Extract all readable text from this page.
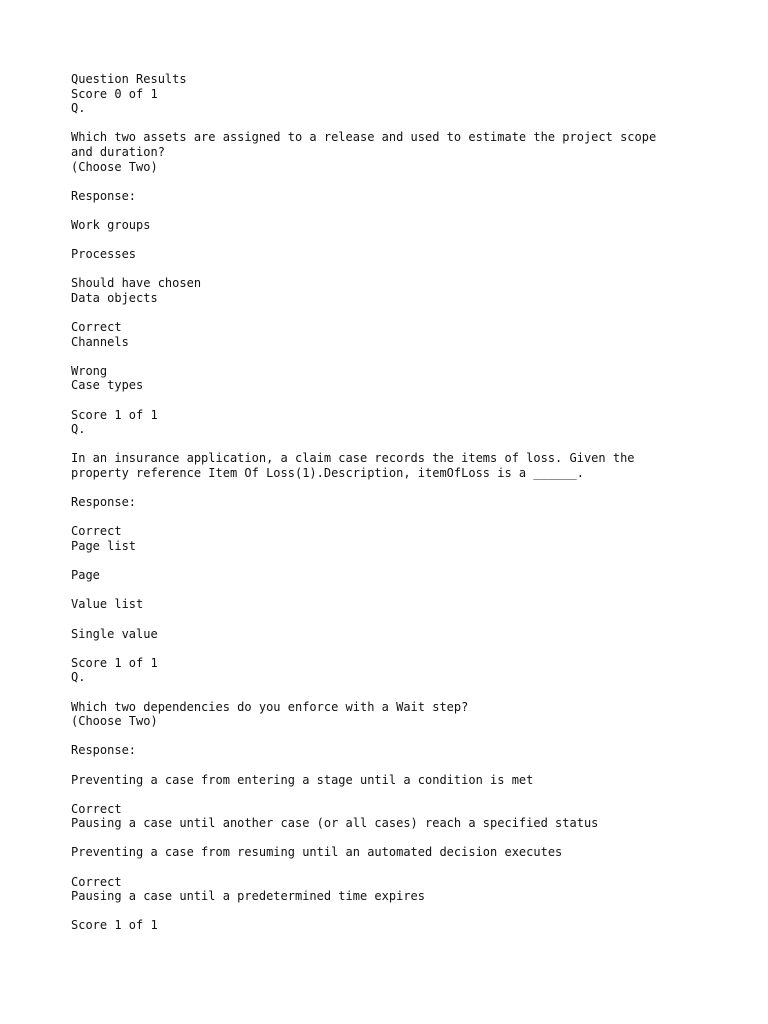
Question Results
Score 0 of 1
Q.
Which two assets are assigned to a release and used to estimate the project scope
and duration?
(Choose Two)
Response:
Work groups
Processes
Should have chosen
Data objects
Correct
Channels
Wrong
Case types
Score 1 of 1
Q.
In an insurance application, a claim case records the items of loss. Given the
property reference Item Of Loss(1).Description, itemOfLoss is a ______.
Response:
Correct
Page list
Page
Value list
Single value
Score 1 of 1
Q.
Which two dependencies do you enforce with a Wait step?
(Choose Two)
Response:
Preventing a case from entering a stage until a condition is met
Correct
Pausing a case until another case (or all cases) reach a specified status
Preventing a case from resuming until an automated decision executes
Correct
Pausing a case until a predetermined time expires
Score 1 of 1
